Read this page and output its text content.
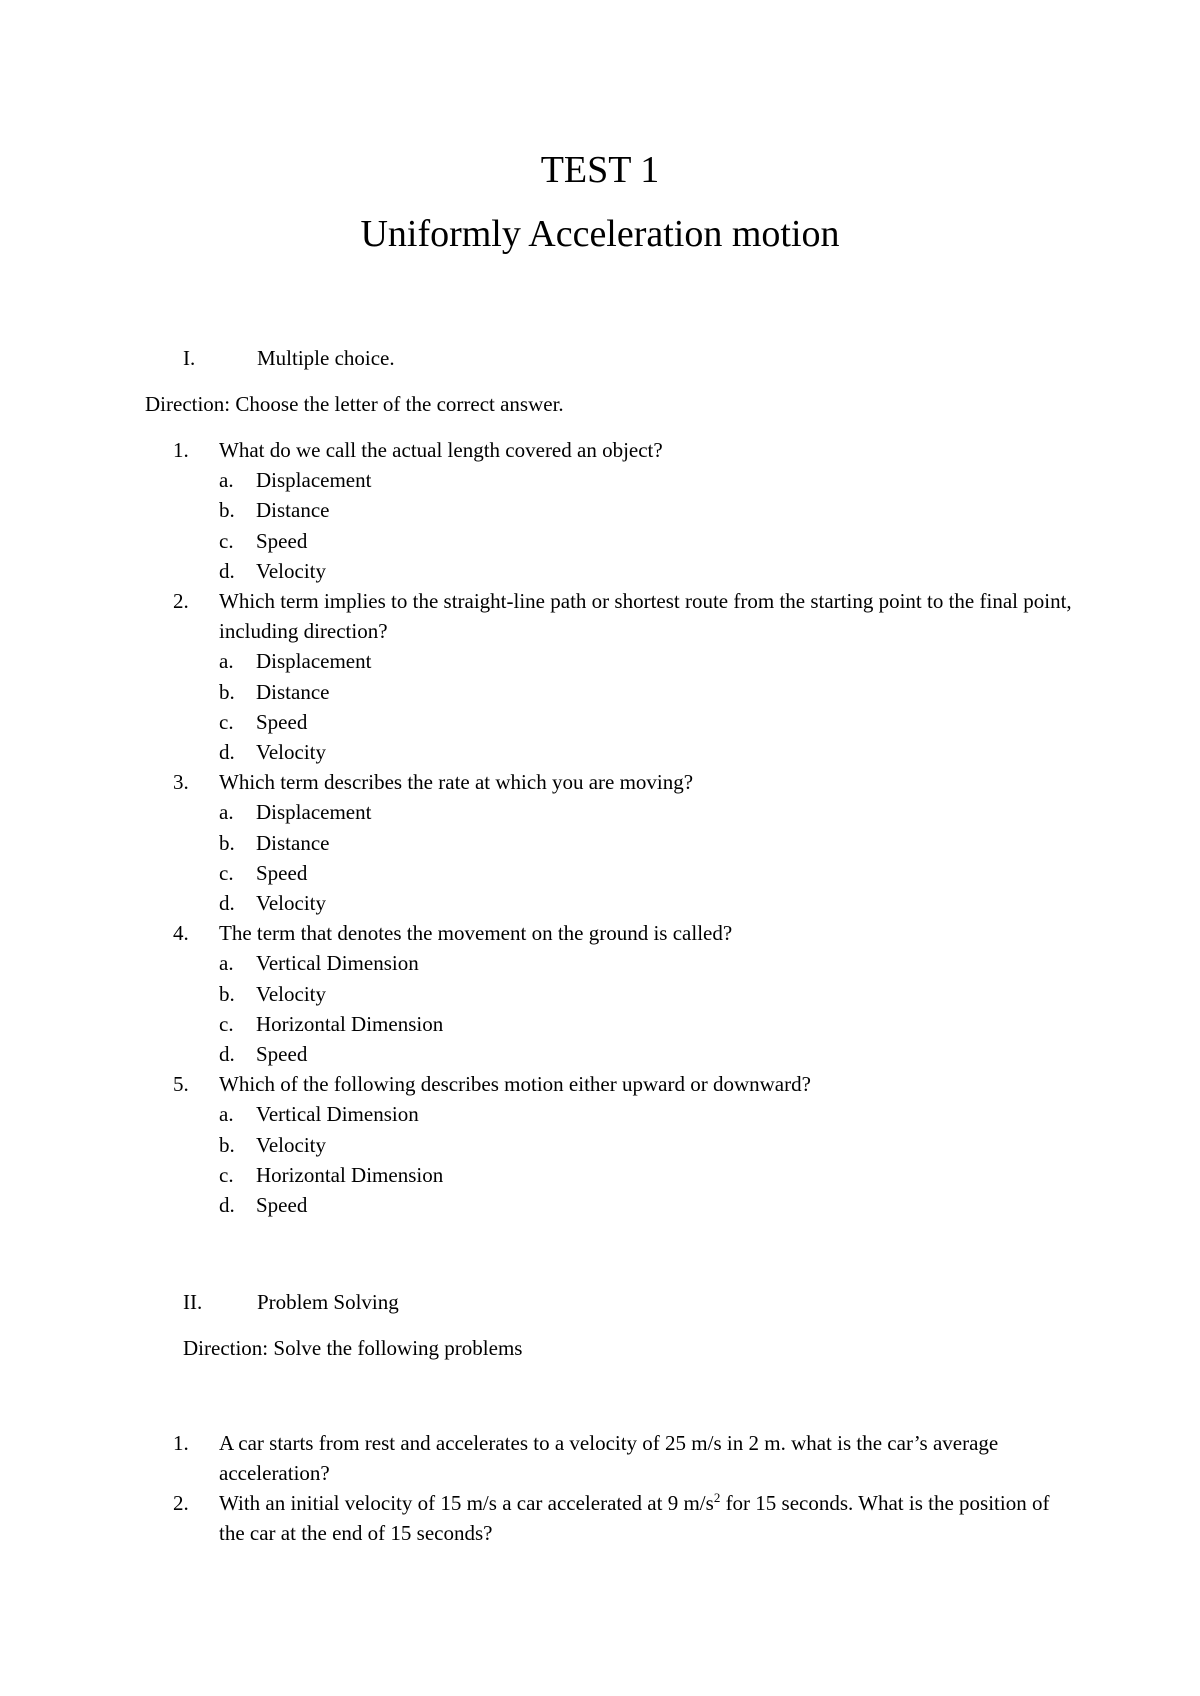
TEST 1
Uniformly Acceleration motion
I.	Multiple choice.
Direction: Choose the letter of the correct answer.
1.	What do we call the actual length covered an object?
a.	Displacement
b.	Distance
c.	Speed
d.	Velocity
2.	Which term implies to the straight-line path or shortest route from the starting point to the final point, including direction?
a.	Displacement
b.	Distance
c.	Speed
d.	Velocity
3.	Which term describes the rate at which you are moving?
a.	Displacement
b.	Distance
c.	Speed
d.	Velocity
4.	The term that denotes the movement on the ground is called?
a.	Vertical Dimension
b.	Velocity
c.	Horizontal Dimension
d.	Speed
5.	Which of the following describes motion either upward or downward?
a.	Vertical Dimension
b.	Velocity
c.	Horizontal Dimension
d.	Speed
II.	Problem Solving
Direction: Solve the following problems
1.	A car starts from rest and accelerates to a velocity of 25 m/s in 2 m. what is the car’s average acceleration?
2.	With an initial velocity of 15 m/s a car accelerated at 9 $m/s^2$ for 15 seconds. What is the position of the car at the end of 15 seconds?
